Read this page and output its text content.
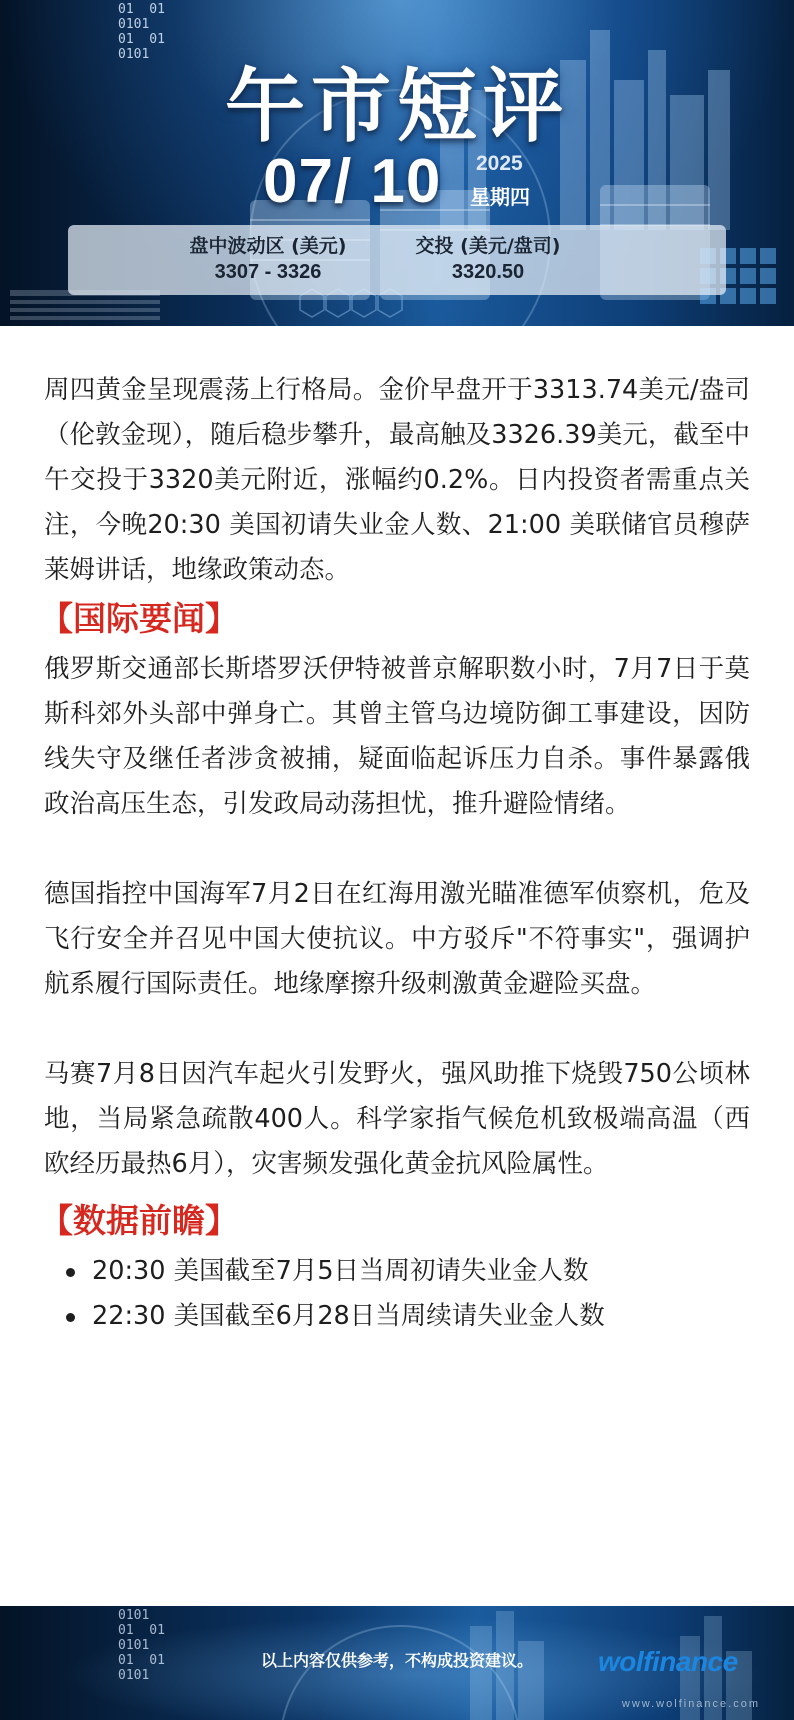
01  01
0101
01  01
0101
午市短评
07/ 10 2025
星期四
盘中波动区 (美元)
3307 - 3326
交投 (美元/盘司)
3320.50

周四黄金呈现震荡上行格局。金价早盘开于3313.74美元/盎司（伦敦金现），随后稳步攀升，最高触及3326.39美元，截至中午交投于3320美元附近，涨幅约0.2%。日内投资者需重点关注，今晚20:30 美国初请失业金人数、21:00 美联储官员穆萨莱姆讲话，地缘政策动态。

【国际要闻】

俄罗斯交通部长斯塔罗沃伊特被普京解职数小时，7月7日于莫斯科郊外头部中弹身亡。其曾主管乌边境防御工事建设，因防线失守及继任者涉贪被捕，疑面临起诉压力自杀。事件暴露俄政治高压生态，引发政局动荡担忧，推升避险情绪。

德国指控中国海军7月2日在红海用激光瞄准德军侦察机，危及飞行安全并召见中国大使抗议。中方驳斥"不符事实"，强调护航系履行国际责任。地缘摩擦升级刺激黄金避险买盘。

马赛7月8日因汽车起火引发野火，强风助推下烧毁750公顷林地，当局紧急疏散400人。科学家指气候危机致极端高温（西欧经历最热6月），灾害频发强化黄金抗风险属性。

【数据前瞻】
20:30 美国截至7月5日当周初请失业金人数
22:30 美国截至6月28日当周续请失业金人数
0101
01  01
0101
01  01
0101
以上内容仅供参考，不构成投资建议。	wolfinance
www.wolfinance.com
